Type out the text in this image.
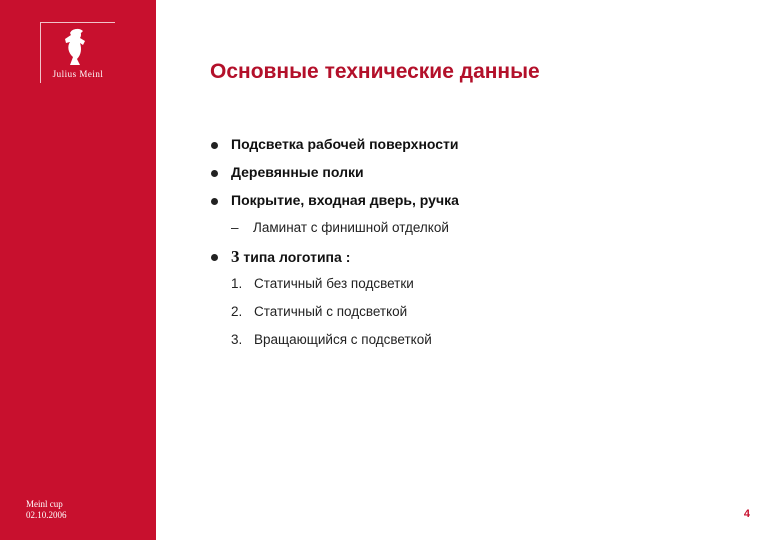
Julius Meinl
Meinl cup
02.10.2006
Основные технические данные
Подсветка рабочей поверхности
Деревянные полки
Покрытие, входная дверь, ручка
– Ламинат с финишной отделкой
3 типа логотипа :
1. Статичный без подсветки
2. Статичный с подсветкой
3. Вращающийся с подсветкой
4
